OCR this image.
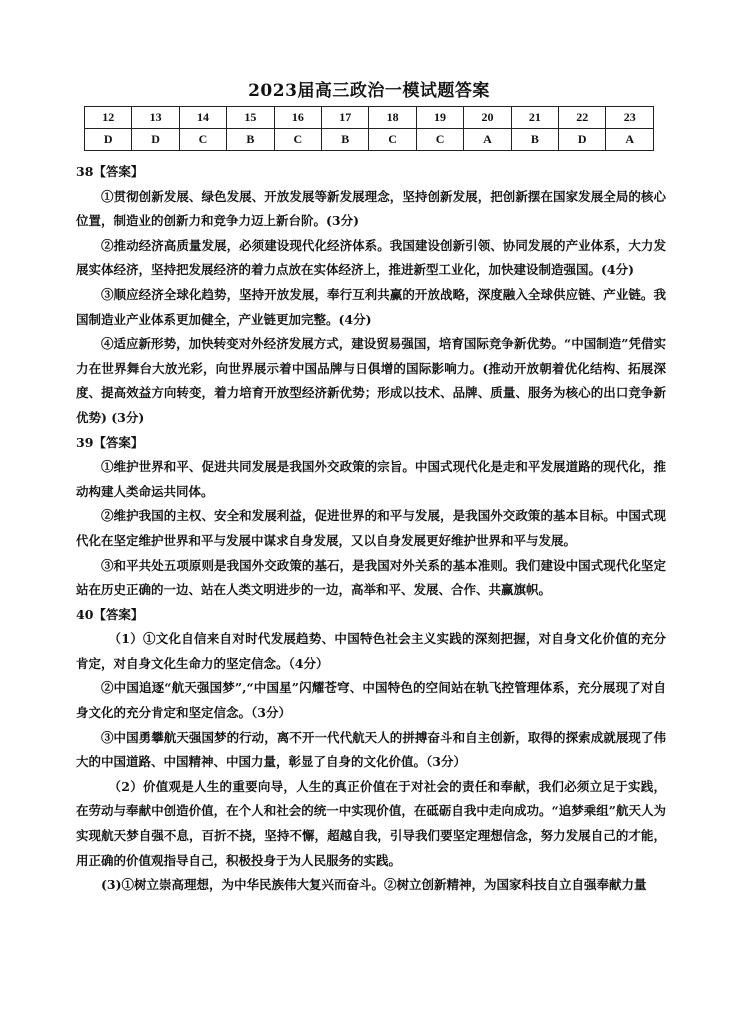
2023届高三政治一模试题答案
12	13	14	15	16	17	18	19	20	21	22	23
D	D	C	B	C	B	C	C	A	B	D	A

38【答案】

①贯彻创新发展、绿色发展、开放发展等新发展理念，坚持创新发展，把创新摆在国家发展全局的核心位置，制造业的创新力和竞争力迈上新台阶。(3分)

②推动经济高质量发展，必须建设现代化经济体系。我国建设创新引领、协同发展的产业体系，大力发展实体经济，坚持把发展经济的着力点放在实体经济上，推进新型工业化，加快建设制造强国。(4分)

③顺应经济全球化趋势，坚持开放发展，奉行互利共赢的开放战略，深度融入全球供应链、产业链。我国制造业产业体系更加健全，产业链更加完整。(4分)

④适应新形势，加快转变对外经济发展方式，建设贸易强国，培育国际竞争新优势。“中国制造”凭借实力在世界舞台大放光彩，向世界展示着中国品牌与日俱增的国际影响力。(推动开放朝着优化结构、拓展深度、提高效益方向转变，着力培育开放型经济新优势；形成以技术、品牌、质量、服务为核心的出口竞争新优势) (3分)

39【答案】

①维护世界和平、促进共同发展是我国外交政策的宗旨。中国式现代化是走和平发展道路的现代化，推动构建人类命运共同体。

②维护我国的主权、安全和发展利益，促进世界的和平与发展，是我国外交政策的基本目标。中国式现代化在坚定维护世界和平与发展中谋求自身发展，又以自身发展更好维护世界和平与发展。

③和平共处五项原则是我国外交政策的基石，是我国对外关系的基本准则。我们建设中国式现代化坚定站在历史正确的一边、站在人类文明进步的一边，高举和平、发展、合作、共赢旗帜。

40【答案】

（1）①文化自信来自对时代发展趋势、中国特色社会主义实践的深刻把握，对自身文化价值的充分肯定，对自身文化生命力的坚定信念。（4分）

②中国追逐“航天强国梦”,“中国星”闪耀苍穹、中国特色的空间站在轨飞控管理体系，充分展现了对自身文化的充分肯定和坚定信念。（3分）

③中国勇攀航天强国梦的行动，离不开一代代航天人的拼搏奋斗和自主创新，取得的探索成就展现了伟大的中国道路、中国精神、中国力量，彰显了自身的文化价值。（3分）

（2）价值观是人生的重要向导，人生的真正价值在于对社会的责任和奉献，我们必须立足于实践，在劳动与奉献中创造价值，在个人和社会的统一中实现价值，在砥砺自我中走向成功。“追梦乘组”航天人为实现航天梦自强不息，百折不挠，坚持不懈，超越自我，引导我们要坚定理想信念，努力发展自己的才能，用正确的价值观指导自己，积极投身于为人民服务的实践。

(3)①树立崇高理想，为中华民族伟大复兴而奋斗。②树立创新精神，为国家科技自立自强奉献力量
